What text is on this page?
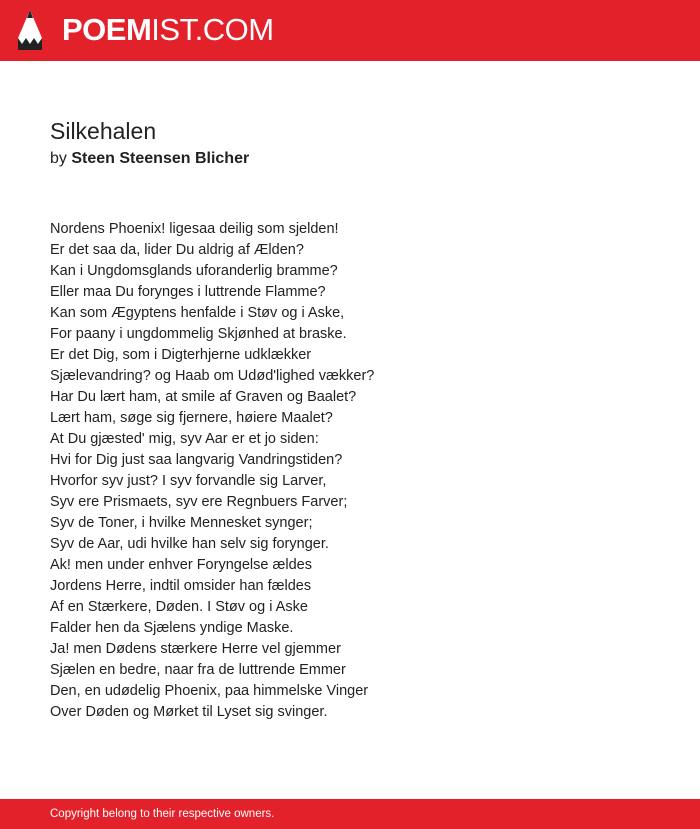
POEMIST.COM
Silkehalen
by Steen Steensen Blicher
Nordens Phoenix! ligesaa deilig som sjelden!
Er det saa da, lider Du aldrig af Ælden?
Kan i Ungdomsglands uforanderlig bramme?
Eller maa Du forynges i luttrende Flamme?
Kan som Ægyptens henfalde i Støv og i Aske,
For paany i ungdommelig Skjønhed at braske.
Er det Dig, som i Digterhjerne udklækker
Sjælevandring? og Haab om Udød'lighed vækker?
Har Du lært ham, at smile af Graven og Baalet?
Lært ham, søge sig fjernere, høiere Maalet?
At Du gjæsted' mig, syv Aar er et jo siden:
Hvi for Dig just saa langvarig Vandringstiden?
Hvorfor syv just? I syv forvandle sig Larver,
Syv ere Prismaets, syv ere Regnbuers Farver;
Syv de Toner, i hvilke Mennesket synger;
Syv de Aar, udi hvilke han selv sig forynger.
Ak! men under enhver Foryngelse ældes
Jordens Herre, indtil omsider han fældes
Af en Stærkere, Døden. I Støv og i Aske
Falder hen da Sjælens yndige Maske.
Ja! men Dødens stærkere Herre vel gjemmer
Sjælen en bedre, naar fra de luttrende Emmer
Den, en udødelig Phoenix, paa himmelske Vinger
Over Døden og Mørket til Lyset sig svinger.
Copyright belong to their respective owners.
